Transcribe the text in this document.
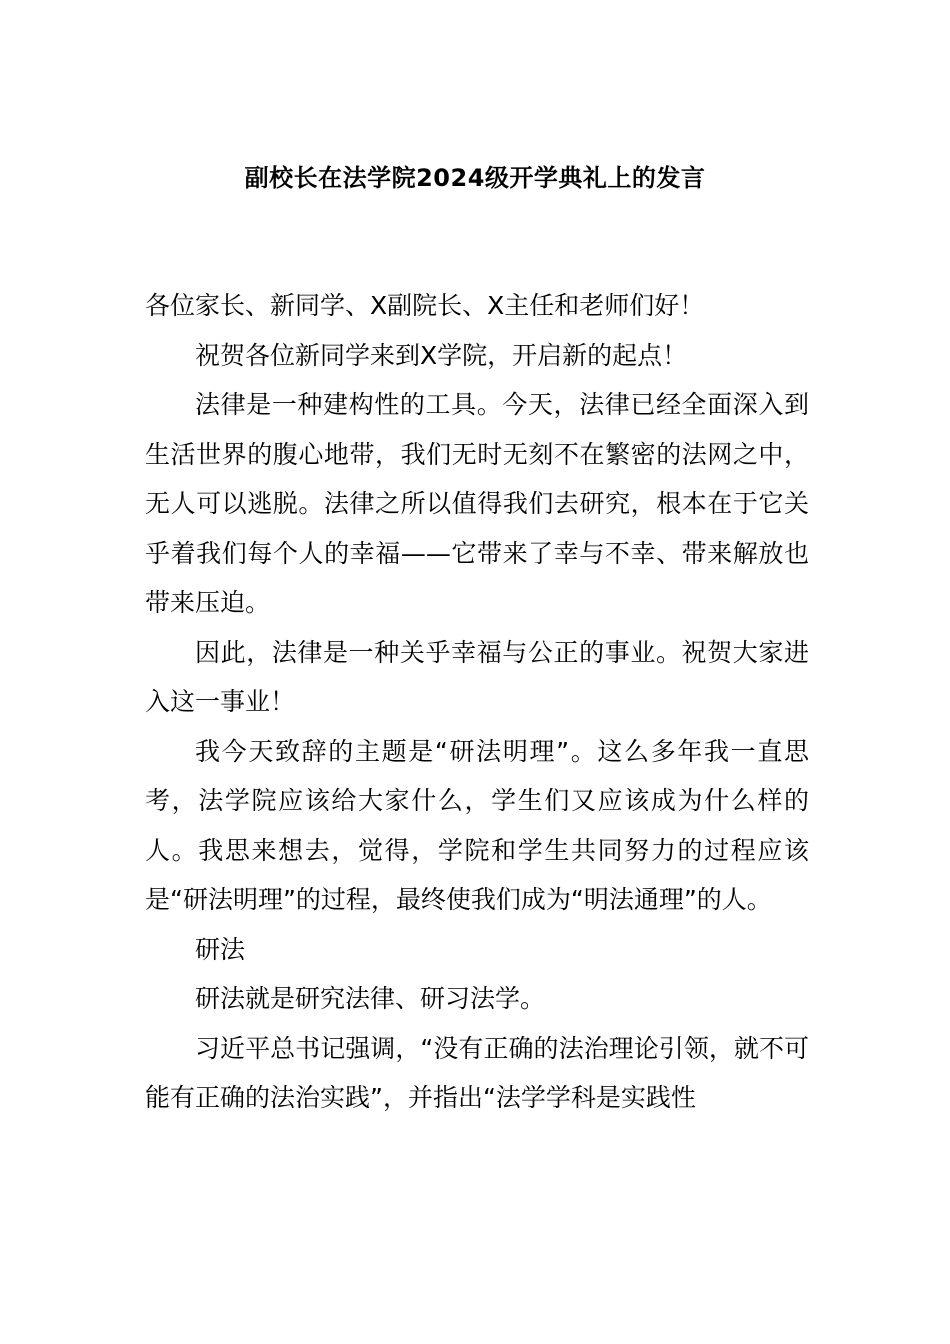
副校长在法学院2024级开学典礼上的发言

各位家长、新同学、X副院长、X主任和老师们好！

祝贺各位新同学来到X学院，开启新的起点！

法律是一种建构性的工具。今天，法律已经全面深入到生活世界的腹心地带，我们无时无刻不在繁密的法网之中，无人可以逃脱。法律之所以值得我们去研究，根本在于它关乎着我们每个人的幸福——它带来了幸与不幸、带来解放也带来压迫。

因此，法律是一种关乎幸福与公正的事业。祝贺大家进入这一事业！

我今天致辞的主题是“研法明理”。这么多年我一直思考，法学院应该给大家什么，学生们又应该成为什么样的人。我思来想去，觉得，学院和学生共同努力的过程应该是“研法明理”的过程，最终使我们成为“明法通理”的人。

研法

研法就是研究法律、研习法学。

习近平总书记强调，“没有正确的法治理论引领，就不可能有正确的法治实践”，并指出“法学学科是实践性
